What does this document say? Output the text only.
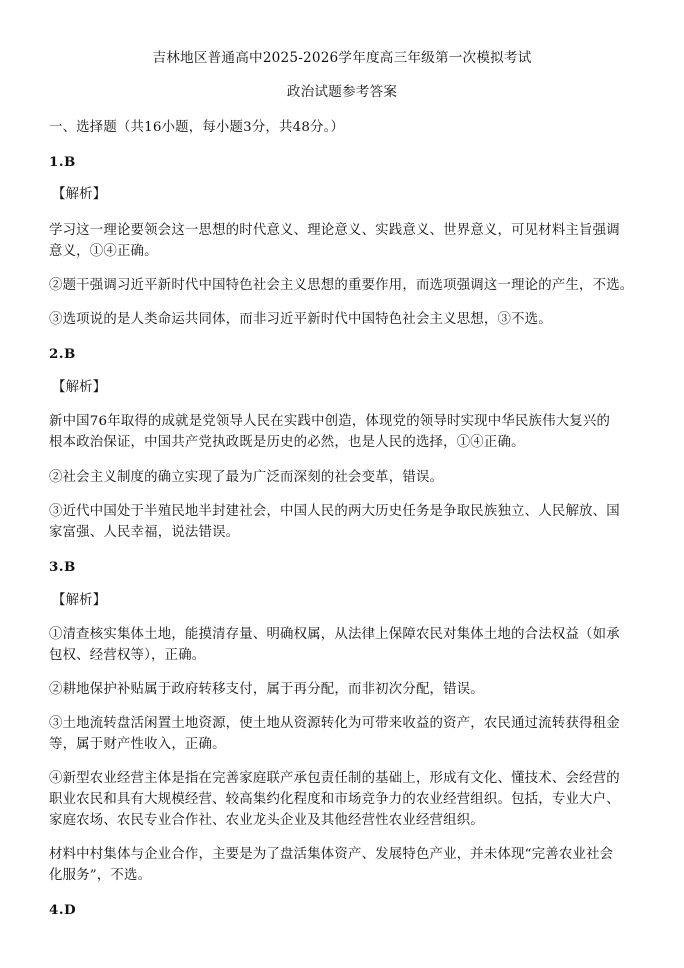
吉林地区普通高中2025-2026学年度高三年级第一次模拟考试
政治试题参考答案
一、选择题（共16小题，每小题3分，共48分。）
1.B
【解析】
学习这一理论要领会这一思想的时代意义、理论意义、实践意义、世界意义，可见材料主旨强调
意义，①④正确。
②题干强调习近平新时代中国特色社会主义思想的重要作用，而选项强调这一理论的产生，不选。
③选项说的是人类命运共同体，而非习近平新时代中国特色社会主义思想，③不选。
2.B
【解析】
新中国76年取得的成就是党领导人民在实践中创造，体现党的领导时实现中华民族伟大复兴的
根本政治保证，中国共产党执政既是历史的必然，也是人民的选择，①④正确。
②社会主义制度的确立实现了最为广泛而深刻的社会变革，错误。
③近代中国处于半殖民地半封建社会，中国人民的两大历史任务是争取民族独立、人民解放、国
家富强、人民幸福，说法错误。
3.B
【解析】
①清查核实集体土地，能摸清存量、明确权属，从法律上保障农民对集体土地的合法权益（如承
包权、经营权等），正确。
②耕地保护补贴属于政府转移支付，属于再分配，而非初次分配，错误。
③土地流转盘活闲置土地资源，使土地从资源转化为可带来收益的资产，农民通过流转获得租金
等，属于财产性收入，正确。
④新型农业经营主体是指在完善家庭联产承包责任制的基础上，形成有文化、懂技术、会经营的
职业农民和具有大规模经营、较高集约化程度和市场竞争力的农业经营组织。包括，专业大户、
家庭农场、农民专业合作社、农业龙头企业及其他经营性农业经营组织。
材料中村集体与企业合作，主要是为了盘活集体资产、发展特色产业，并未体现“完善农业社会
化服务”，不选。
4.D
